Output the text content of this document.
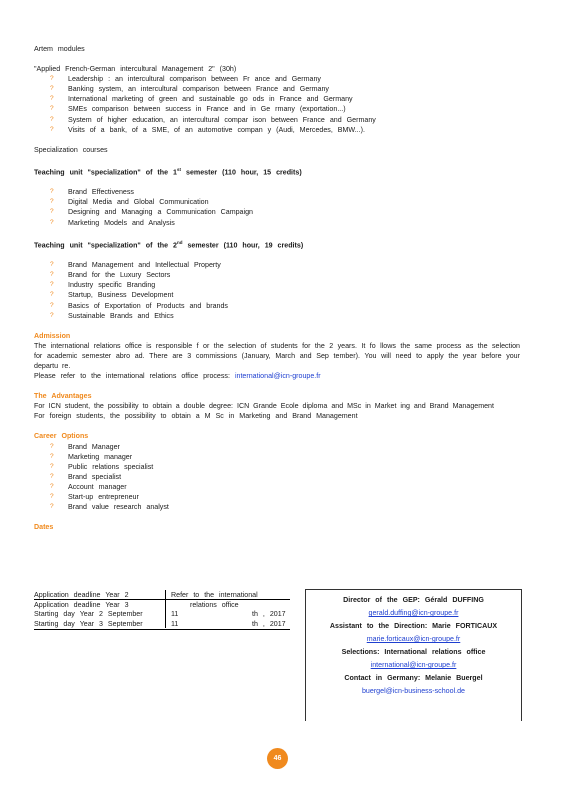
Artem modules
"Applied French-German intercultural Management 2" (30h)
? Leadership : an intercultural comparison between Fr ance and Germany
? Banking system, an intercultural comparison between France and Germany
? International marketing of green and sustainable go ods in France and Germany
? SMEs comparison between success in France and in Ge rmany (exportation...)
? System of higher education, an intercultural compar ison between France and Germany
? Visits of a bank, of a SME, of an automotive compan y (Audi, Mercedes, BMW...).
Specialization courses
Teaching unit "specialization" of the 1st semester (110 hour, 15 credits)
? Brand Effectiveness
? Digital Media and Global Communication
? Designing and Managing a Communication Campaign
? Marketing Models and Analysis
Teaching unit "specialization" of the 2nd semester (110 hour, 19 credits)
? Brand Management and Intellectual Property
? Brand for the Luxury Sectors
? Industry specific Branding
? Startup, Business Development
? Basics of Exportation of Products and brands
? Sustainable Brands and Ethics
Admission
The international relations office is responsible f or the selection of students for the 2 years. It fo llows the same process as the selection for academic semester abro ad. There are 3 commissions (January, March and Sep tember). You will need to apply the year before your departu re.
Please refer to the international relations office process: international@icn-groupe.fr
The Advantages
For ICN student, the possibility to obtain a double degree: ICN Grande Ecole diploma and MSc in Market ing and Brand Management
For foreign students, the possibility to obtain a M Sc in Marketing and Brand Management
Career Options
? Brand Manager
? Marketing manager
? Public relations specialist
? Brand specialist
? Account manager
? Start-up entrepreneur
? Brand value research analyst
Dates
Application deadline Year 2	Refer to the international
Application deadline Year 3	relations office
Starting day Year 2 September	11	th , 2017
Starting day Year 3 September	11	th , 2017
Director of the GEP: Gérald DUFFING
gerald.duffing@icn-groupe.fr
Assistant to the Direction: Marie FORTICAUX
marie.forticaux@icn-groupe.fr
Selections: International relations office
international@icn-groupe.fr
Contact in Germany: Melanie Buergel
buergel@icn-business-school.de
46
